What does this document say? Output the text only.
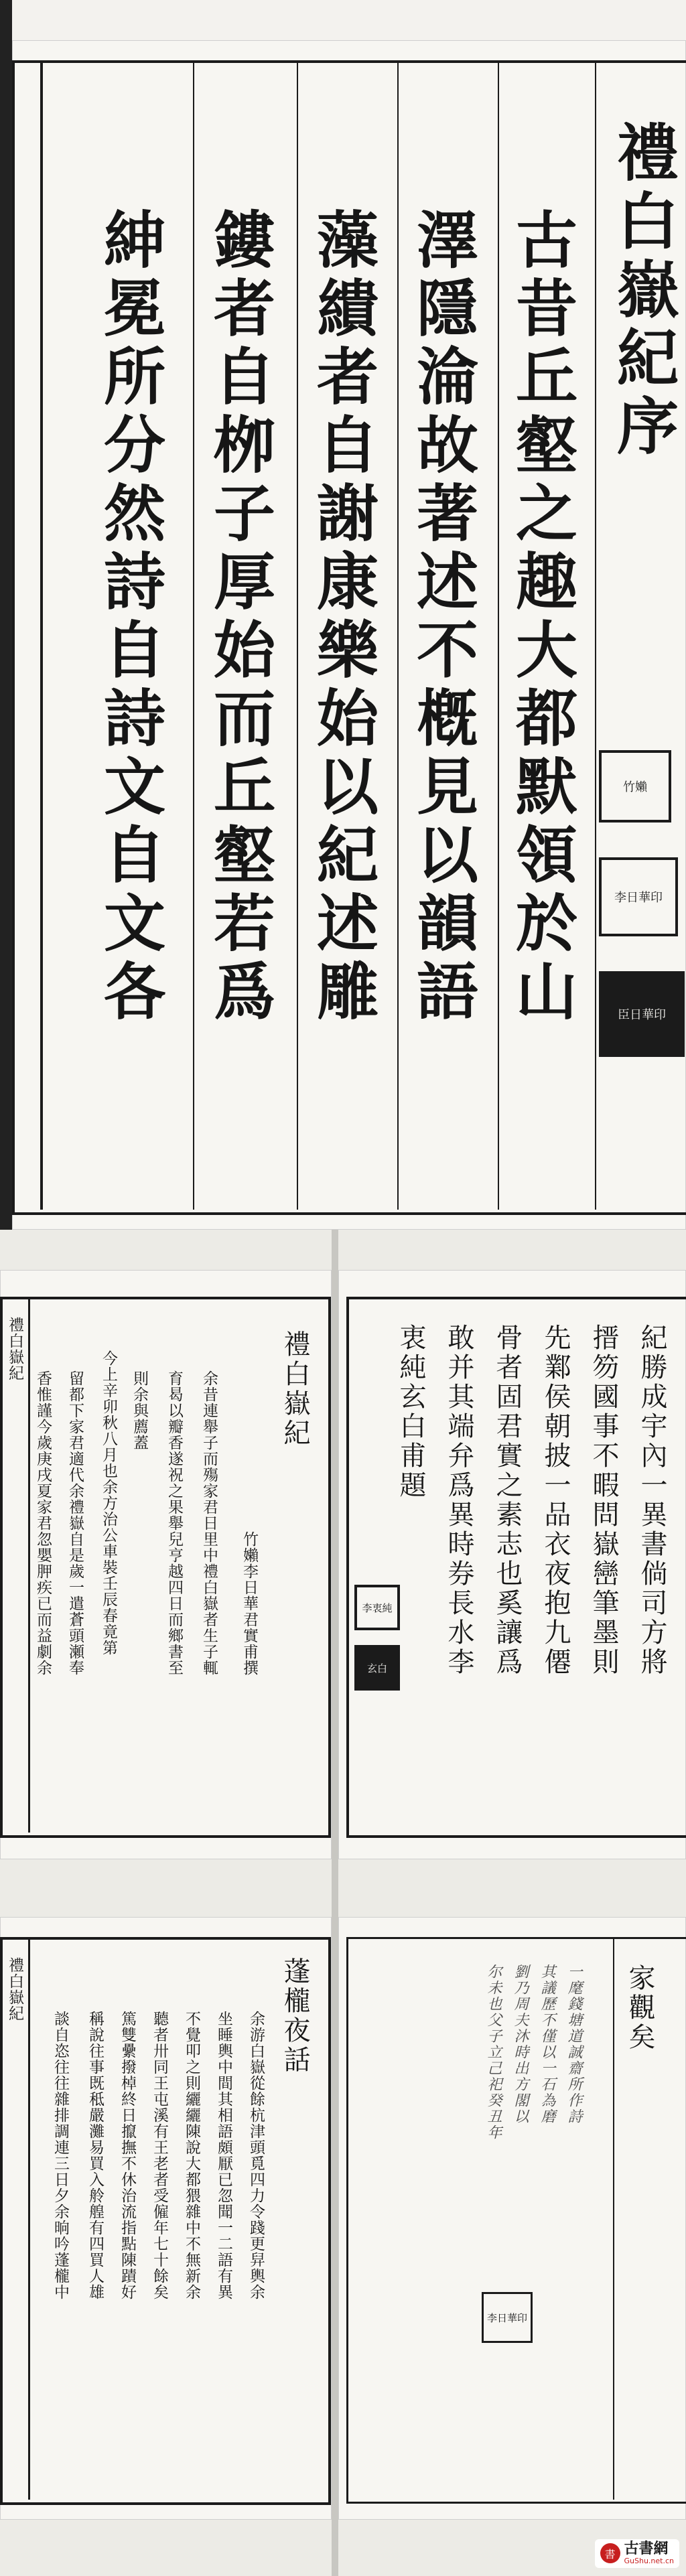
禮白嶽紀序
古昔丘壑之趣大都默領於山
澤隱淪故著述不槪見以韻語
藻繢者自謝康樂始以紀述雕
鏤者自栁子厚始而丘壑若爲
紳冕所分然詩自詩文自文各	竹嬾
李日華印
臣日華印
禮白嶽紀	禮白嶽紀
竹嬾李日華君實甫撰
余昔連舉子而殤家君日里中禮白嶽者生子輒
育曷以瓣香遂祝之果舉兒亨越四日而鄉書至
則余與薦蓋
今上辛卯秋八月也余方治公車裝壬辰春竟第
留都下家君適代余禮嶽自是歲一遣蒼頭瀬奉
香惟謹今歲庚戌夏家君忽嬰胛疾已而益劇余	紀勝成宇內一異書倘司方將
搢笏國事不暇問嶽巒筆墨則
先鄴侯朝披一品衣夜抱九僊
骨者固君實之素志也奚讓爲
敢并其端弁爲異時券長水李
衷純玄白甫題
李衷純
玄白
禮白嶽紀	蓬櫳夜話
余游白嶽從餘杭津頭覓四力令踐更舁輿余
坐睡輿中間其相語頗厭已忽聞一二語有異
不覺叩之則纚纚陳說大都猥雜中不無新余
聽者卅同王屯溪有王老者受僱年七十餘矣
篤雙纍撥棹終日攛撫不休治流指點陳蹟好
稱說往事既秪嚴灘易買入舲艎有四買人雄
談自恣往往雜排調連三日夕余晌吟蓬櫳中
家觀矣
一麾錢塘道誠齋所作詩
其議歷不僅以一石為磨
劉乃周夫沐時出方閣以
尔未也父子立己祀癸丑年
李日華印
書 古書網
GuShu.net.cn
